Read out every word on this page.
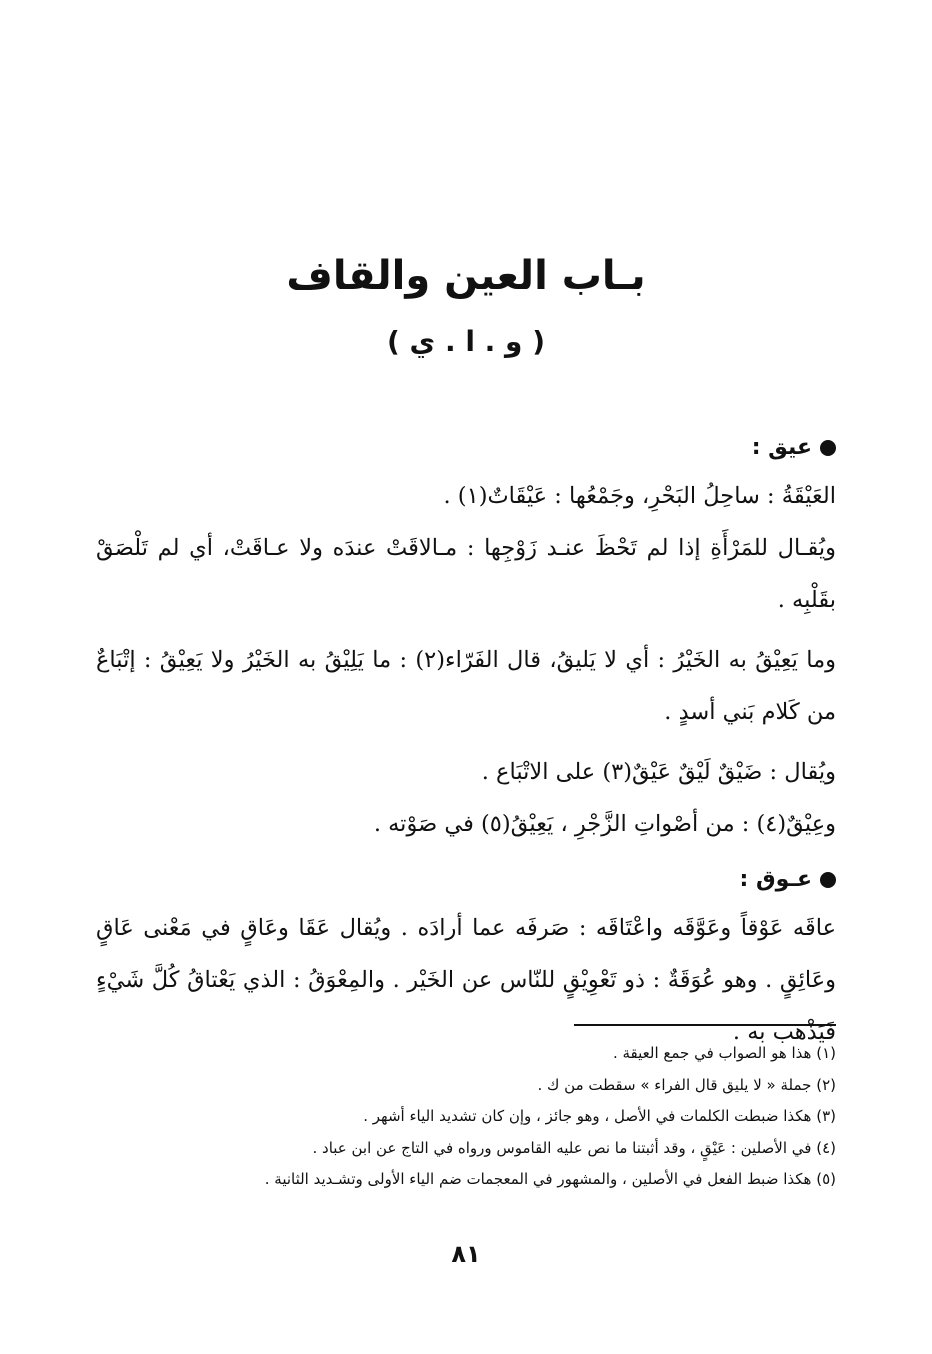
بـاب العين والقاف
( و . ا . ي )
عيق :

العَيْقَةُ : ساحِلُ البَحْرِ، وجَمْعُها : عَيْقَاتٌ(١) .

ويُقـال للمَرْأَةِ إذا لم تَحْظَ عنـد زَوْجِها : مـالاقَتْ عندَه ولا عـاقَتْ، أي لم تَلْصَقْ بقَلْبِه .

وما يَعِيْقُ به الخَيْرُ : أي لا يَليقُ، قال الفَرّاء(٢) : ما يَلِيْقُ به الخَيْرُ ولا يَعِيْقُ : إتْبَاعٌ من كَلام بَني أسدٍ .

ويُقال : ضَيْقٌ لَيْقٌ عَيْقٌ(٣) على الاتْبَاع .

وعِيْقٌ(٤) : من أصْواتِ الزَّجْرِ ، يَعِيْقُ(٥) في صَوْته .

عـوق :

عاقَه عَوْقاً وعَوَّقَه واعْتَاقَه : صَرفَه عما أرادَه . ويُقال عَقَا وعَاقٍ في مَعْنى عَاقٍ وعَائِقٍ . وهو عُوَقَةٌ : ذو تَعْوِيْقٍ للنّاس عن الخَيْر . والمِعْوَقُ : الذي يَعْتاقُ كُلَّ شَيْءٍ فَيَذْهب به .

(١) هذا هو الصواب في جمع العيقة .

(٢) جملة « لا يليق قال الفراء » سقطت من ك .

(٣) هكذا ضبطت الكلمات في الأصل ، وهو جائز ، وإن كان تشديد الياء أشهر .

(٤) في الأصلين : عَيْقٍ ، وقد أثبتنا ما نص عليه القاموس ورواه في التاج عن ابن عباد .

(٥) هكذا ضبط الفعل في الأصلين ، والمشهور في المعجمات ضم الياء الأولى وتشـديد الثانية .

٨١
